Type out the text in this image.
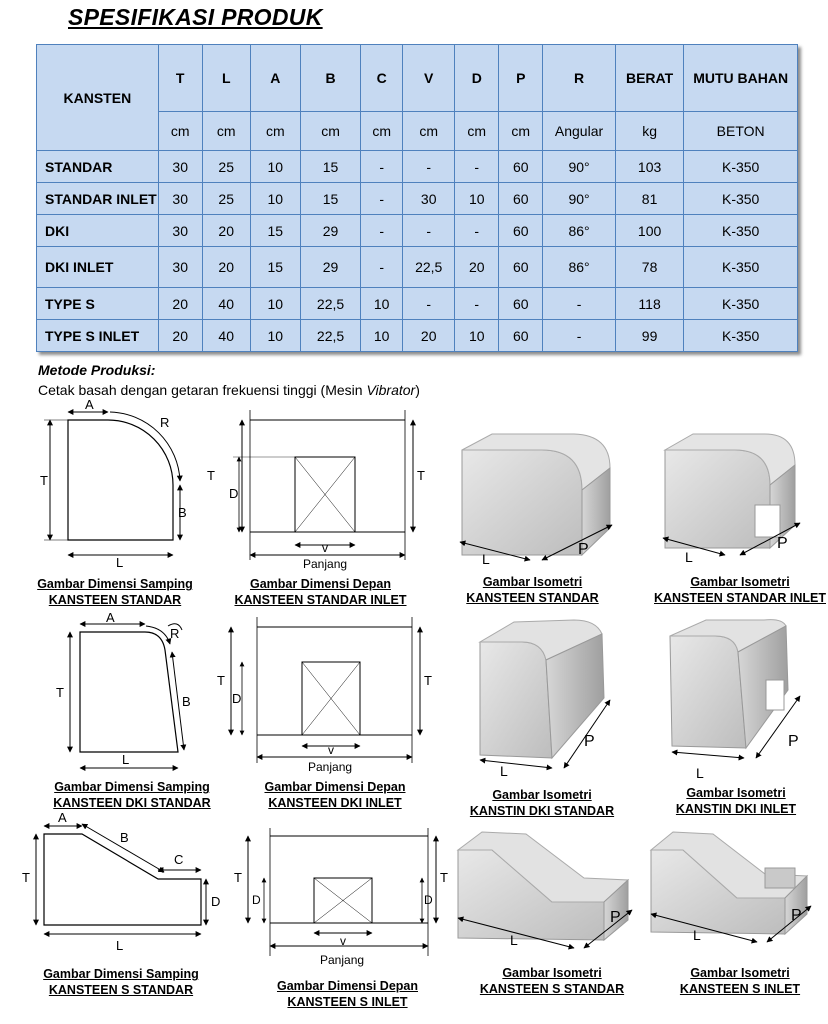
SPESIFIKASI PRODUK
KANSTEN	T	L	A	B	C	V	D	P	R	BERAT	MUTU BAHAN
	cm	cm	cm	cm	cm	cm	cm	cm	Angular	kg	BETON
STANDAR	30	25	10	15	-	-	-	60	90°	103	K-350
STANDAR INLET	30	25	10	15	-	30	10	60	90°	81	K-350
DKI	30	20	15	29	-	-	-	60	86°	100	K-350
DKI INLET	30	20	15	29	-	22,5	20	60	86°	78	K-350
TYPE S	20	40	10	22,5	10	-	-	60	-	118	K-350
TYPE S INLET	20	40	10	22,5	10	20	10	60	-	99	K-350
Metode Produksi:
Cetak basah dengan getaran frekuensi tinggi (Mesin Vibrator)
T
A
R
B
L
T	T
D
v
Panjang	L
P	L
P
Gambar Dimensi Samping
KANSTEEN STANDAR
Gambar Dimensi Depan
KANSTEEN STANDAR INLET
Gambar Isometri
KANSTEEN STANDAR
Gambar Isometri
KANSTEEN STANDAR INLET
T
A
R
B
L
T	T
D
v
Panjang	L
P
L
P
Gambar Dimensi Samping
KANSTEEN DKI STANDAR
Gambar Dimensi Depan
KANSTEEN DKI INLET
Gambar Isometri
KANSTIN DKI STANDAR
Gambar Isometri
KANSTIN DKI INLET
T
A
B
C
D
L
T	T
D	D
v
Panjang
L
P
L
P
Gambar Dimensi Samping
KANSTEEN S STANDAR	Gambar Dimensi Depan
KANSTEEN S INLET
Gambar Isometri
KANSTEEN S STANDAR
Gambar Isometri
KANSTEEN S INLET
